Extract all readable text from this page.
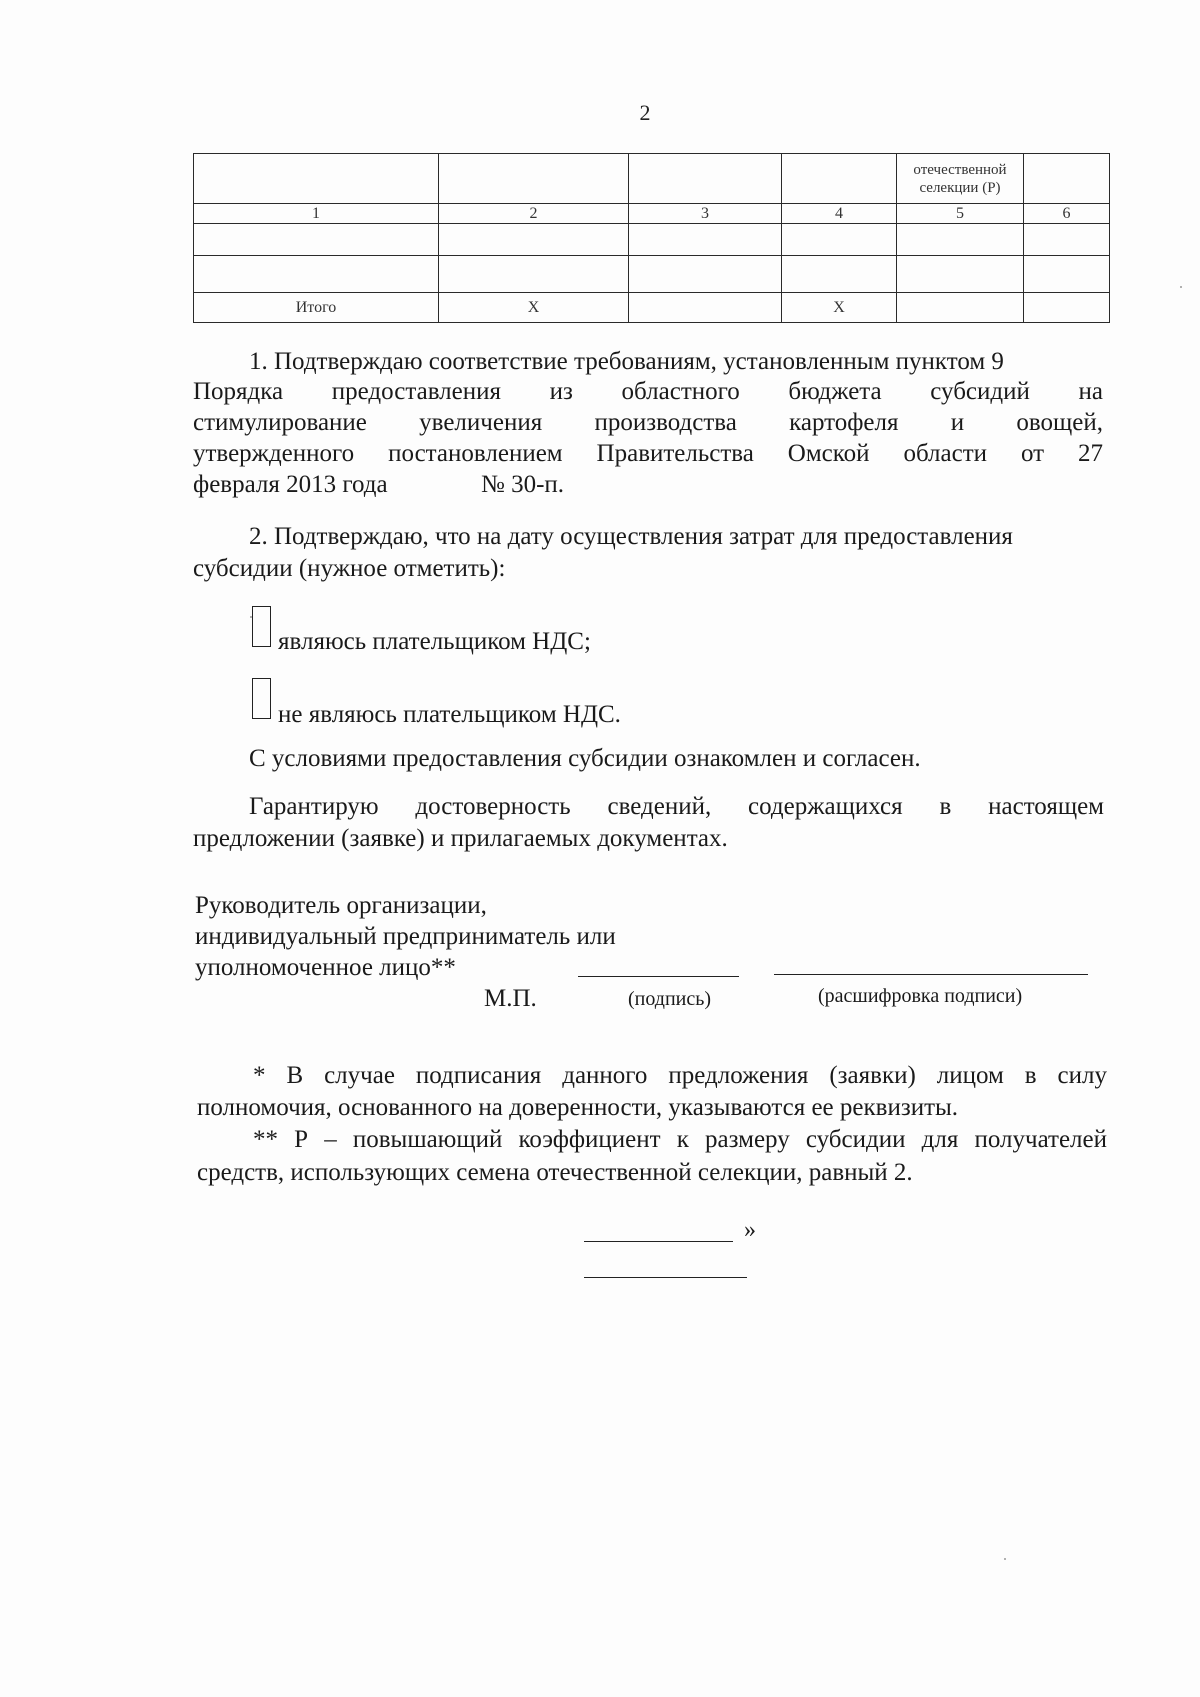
2

				отечественной
селекции (Р)	

1	2	3	4	5	6

Итого	X		X		
1. Подтверждаю соответствие требованиям, установленным пунктом 9
Порядка предоставления из областного бюджета субсидий на
стимулирование увеличения производства картофеля и овощей,
утвержденного постановлением Правительства Омской области от 27
февраля 2013 года	№ 30-п.
2. Подтверждаю, что на дату осуществления затрат для предоставления
субсидии (нужное отметить):
являюсь плательщиком НДС;
не являюсь плательщиком НДС.
С условиями предоставления субсидии ознакомлен и согласен.
Гарантирую достоверность сведений, содержащихся в настоящем
предложении (заявке) и прилагаемых документах.
Руководитель организации,
индивидуальный предприниматель или
уполномоченное лицо**
М.П.	(подпись)	(расшифровка подписи)
* В случае подписания данного предложения (заявки) лицом в силу
полномочия, основанного на доверенности, указываются ее реквизиты.
** Р – повышающий коэффициент к размеру субсидии для получателей
средств, использующих семена отечественной селекции, равный 2.
»
